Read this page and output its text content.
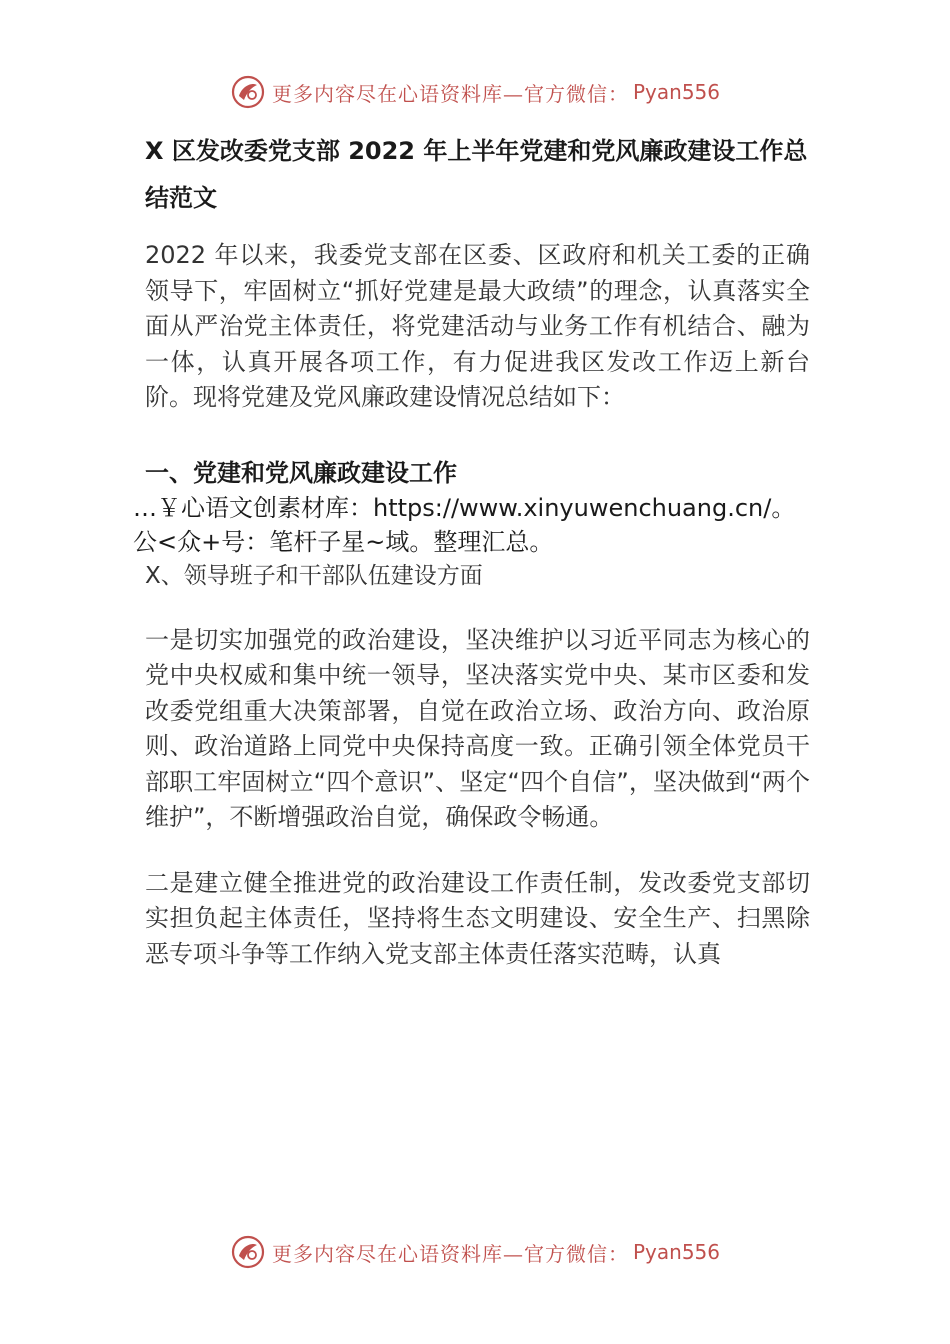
更多内容尽在心语资料库—官方微信： Pyan556
X 区发改委党支部 2022 年上半年党建和党风廉政建设工作总结范文

2022 年以来，我委党支部在区委、区政府和机关工委的正确领导下，牢固树立“抓好党建是最大政绩”的理念，认真落实全面从严治党主体责任，将党建活动与业务工作有机结合、融为一体，认真开展各项工作，有力促进我区发改工作迈上新台阶。现将党建及党风廉政建设情况总结如下：

一、党建和党风廉政建设工作

…￥心语文创素材库：https://www.xinyuwenchuang.cn/。

公<众+号：笔杆子星~域。整理汇总。

X、领导班子和干部队伍建设方面

一是切实加强党的政治建设，坚决维护以习近平同志为核心的党中央权威和集中统一领导，坚决落实党中央、某市区委和发改委党组重大决策部署，自觉在政治立场、政治方向、政治原则、政治道路上同党中央保持高度一致。正确引领全体党员干部职工牢固树立“四个意识”、坚定“四个自信”，坚决做到“两个维护”，不断增强政治自觉，确保政令畅通。

二是建立健全推进党的政治建设工作责任制，发改委党支部切实担负起主体责任，坚持将生态文明建设、安全生产、扫黑除恶专项斗争等工作纳入党支部主体责任落实范畴，认真

更多内容尽在心语资料库—官方微信： Pyan556
